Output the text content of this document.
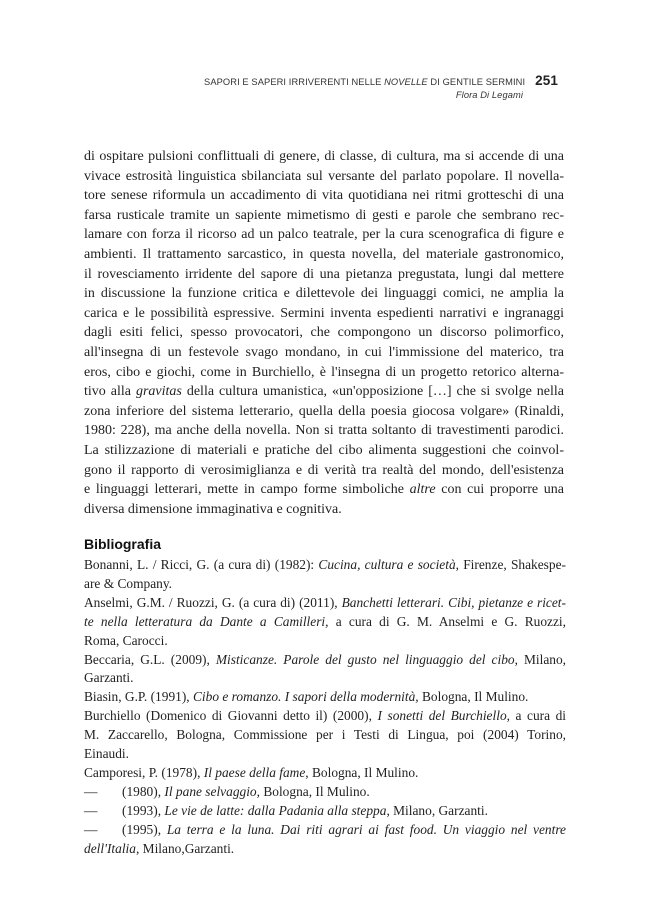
SAPORI E SAPERI IRRIVERENTI NELLE NOVELLE DI GENTILE SERMINI 251
Flora Di Legami
di ospitare pulsioni conflittuali di genere, di classe, di cultura, ma si accende di una
vivace estrosità linguistica sbilanciata sul versante del parlato popolare. Il novella-
tore senese riformula un accadimento di vita quotidiana nei ritmi grotteschi di una
farsa rusticale tramite un sapiente mimetismo di gesti e parole che sembrano rec-
lamare con forza il ricorso ad un palco teatrale, per la cura scenografica di figure e
ambienti. Il trattamento sarcastico, in questa novella, del materiale gastronomico,
il rovesciamento irridente del sapore di una pietanza pregustata, lungi dal mettere
in discussione la funzione critica e dilettevole dei linguaggi comici, ne amplia la
carica e le possibilità espressive. Sermini inventa espedienti narrativi e ingranaggi
dagli esiti felici, spesso provocatori, che compongono un discorso polimorfico,
all'insegna di un festevole svago mondano, in cui l'immissione del materico, tra
eros, cibo e giochi, come in Burchiello, è l'insegna di un progetto retorico alterna-
tivo alla gravitas della cultura umanistica, «un'opposizione […] che si svolge nella
zona inferiore del sistema letterario, quella della poesia giocosa volgare» (Rinaldi,
1980: 228), ma anche della novella. Non si tratta soltanto di travestimenti parodici.
La stilizzazione di materiali e pratiche del cibo alimenta suggestioni che coinvol-
gono il rapporto di verosimiglianza e di verità tra realtà del mondo, dell'esistenza
e linguaggi letterari, mette in campo forme simboliche altre con cui proporre una
diversa dimensione immaginativa e cognitiva.
Bibliografia
Bonanni, L. / Ricci, G. (a cura di) (1982): Cucina, cultura e società, Firenze, Shakespe-
are & Company.
Anselmi, G.M. / Ruozzi, G. (a cura di) (2011), Banchetti letterari. Cibi, pietanze e ricet-
te nella letteratura da Dante a Camilleri, a cura di G. M. Anselmi e G. Ruozzi,
Roma, Carocci.
Beccaria, G.L. (2009), Misticanze. Parole del gusto nel linguaggio del cibo, Milano,
Garzanti.
Biasin, G.P. (1991), Cibo e romanzo. I sapori della modernità, Bologna, Il Mulino.
Burchiello (Domenico di Giovanni detto il) (2000), I sonetti del Burchiello, a cura di
M. Zaccarello, Bologna, Commissione per i Testi di Lingua, poi (2004) Torino,
Einaudi.
Camporesi, P. (1978), Il paese della fame, Bologna, Il Mulino.
— (1980), Il pane selvaggio, Bologna, Il Mulino.
— (1993), Le vie de latte: dalla Padania alla steppa, Milano, Garzanti.
— (1995), La terra e la luna. Dai riti agrari ai fast food. Un viaggio nel ventre
dell'Italia, Milano,Garzanti.
